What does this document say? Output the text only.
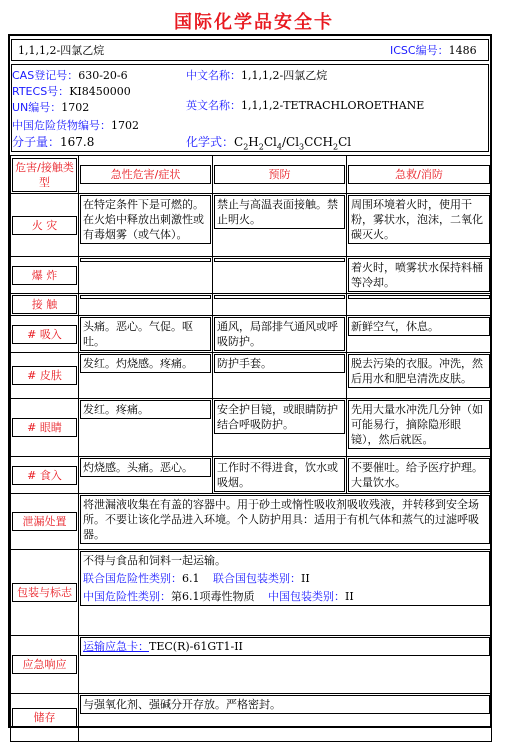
国际化学品安全卡
1,1,1,2-四氯乙烷	ICSC编号：1486
CAS登记号：630-20-6
RTECS号：KI8450000
UN编号：1702
中国危险货物编号：1702
分子量：167.8
中文名称：1,1,1,2-四氯乙烷
英文名称：1,1,1,2-TETRACHLOROETHANE
化学式：$C_2H_2Cl_4/Cl_3CCH_2Cl$
危害/接触类型	急性危害/症状	预防	急救/消防

火 灾	在特定条件下是可燃的。在火焰中释放出刺激性或有毒烟雾（或气体）。	禁止与高温表面接触。禁止明火。	周围环境着火时，使用干粉，雾状水，泡沫，二氧化碳灭火。

爆 炸			着火时，喷雾状水保持料桶等冷却。

接 触			

# 吸入	头痛。恶心。气促。呕吐。	通风，局部排气通风或呼吸防护。	新鲜空气，休息。

# 皮肤	发红。灼烧感。疼痛。	防护手套。	脱去污染的衣服。冲洗，然后用水和肥皂清洗皮肤。

# 眼睛	发红。疼痛。	安全护目镜，或眼睛防护结合呼吸防护。	先用大量水冲洗几分钟（如可能易行，摘除隐形眼镜），然后就医。

# 食入	灼烧感。头痛。恶心。	工作时不得进食，饮水或吸烟。	不要催吐。给予医疗护理。大量饮水。

泄漏处置	将泄漏液收集在有盖的容器中。用于砂土或惰性吸收剂吸收残液，并转移到安全场所。不要让该化学品进入环境。个人防护用具：适用于有机气体和蒸气的过滤呼吸器。		

包装与标志	不得与食品和饲料一起运输。
联合国危险性类别：6.1 联合国包装类别：II
中国危险性类别：第6.1项毒性物质 中国包装类别：II		

应急响应	运输应急卡：TEC(R)-61GT1-II		

储存	与强氧化剂、强碱分开存放。严格密封。		
